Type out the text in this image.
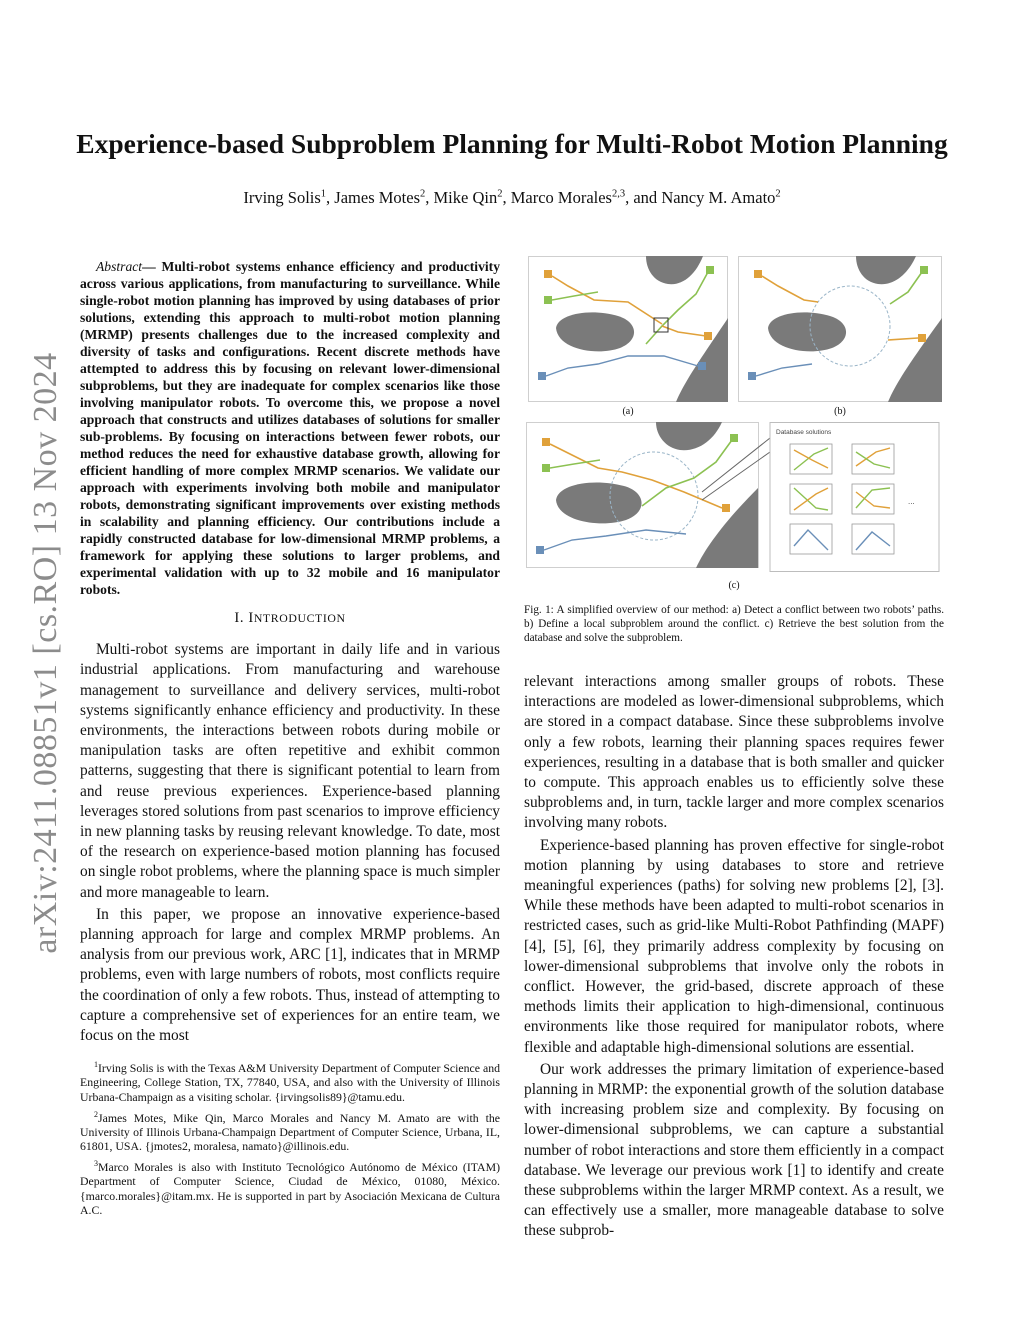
arXiv:2411.08851v1 [cs.RO] 13 Nov 2024
Experience-based Subproblem Planning for Multi-Robot Motion Planning
Irving Solis$^1$, James Motes$^2$, Mike Qin$^2$, Marco Morales$^{2,3}$, and Nancy M. Amato$^2$

Abstract— Multi-robot systems enhance efficiency and productivity across various applications, from manufacturing to surveillance. While single-robot motion planning has improved by using databases of prior solutions, extending this approach to multi-robot motion planning (MRMP) presents challenges due to the increased complexity and diversity of tasks and configurations. Recent discrete methods have attempted to address this by focusing on relevant lower-dimensional subproblems, but they are inadequate for complex scenarios like those involving manipulator robots. To overcome this, we propose a novel approach that constructs and utilizes databases of solutions for smaller sub-problems. By focusing on interactions between fewer robots, our method reduces the need for exhaustive database growth, allowing for efficient handling of more complex MRMP scenarios. We validate our approach with experiments involving both mobile and manipulator robots, demonstrating significant improvements over existing methods in scalability and planning efficiency. Our contributions include a rapidly constructed database for low-dimensional MRMP problems, a framework for applying these solutions to larger problems, and experimental validation with up to 32 mobile and 16 manipulator robots.

I. INTRODUCTION

Multi-robot systems are important in daily life and in various industrial applications. From manufacturing and warehouse management to surveillance and delivery services, multi-robot systems significantly enhance efficiency and productivity. In these environments, the interactions between robots during mobile or manipulation tasks are often repetitive and exhibit common patterns, suggesting that there is significant potential to learn from and reuse previous experiences. Experience-based planning leverages stored solutions from past scenarios to improve efficiency in new planning tasks by reusing relevant knowledge. To date, most of the research on experience-based motion planning has focused on single robot problems, where the planning space is much simpler and more manageable to learn.

In this paper, we propose an innovative experience-based planning approach for large and complex MRMP problems. An analysis from our previous work, ARC [1], indicates that in MRMP problems, even with large numbers of robots, most conflicts require the coordination of only a few robots. Thus, instead of attempting to capture a comprehensive set of experiences for an entire team, we focus on the most

$^1$Irving Solis is with the Texas A&M University Department of Computer Science and Engineering, College Station, TX, 77840, USA, and also with the University of Illinois Urbana-Champaign as a visiting scholar. {irvingsolis89}@tamu.edu.

$^2$James Motes, Mike Qin, Marco Morales and Nancy M. Amato are with the University of Illinois Urbana-Champaign Department of Computer Science, Urbana, IL, 61801, USA. {jmotes2, moralesa, namato}@illinois.edu.

$^3$Marco Morales is also with Instituto Tecnológico Autónomo de México (ITAM) Department of Computer Science, Ciudad de México, 01080, México. {marco.morales}@itam.mx. He is supported in part by Asociación Mexicana de Cultura A.C.

(a)	(b)
Database solutions
...
(c)
Fig. 1: A simplified overview of our method: a) Detect a conflict between two robots’ paths. b) Define a local subproblem around the conflict. c) Retrieve the best solution from the database and solve the subproblem.

relevant interactions among smaller groups of robots. These interactions are modeled as lower-dimensional subproblems, which are stored in a compact database. Since these subproblems involve only a few robots, learning their planning spaces requires fewer experiences, resulting in a database that is both smaller and quicker to compute. This approach enables us to efficiently solve these subproblems and, in turn, tackle larger and more complex scenarios involving many robots.

Experience-based planning has proven effective for single-robot motion planning by using databases to store and retrieve meaningful experiences (paths) for solving new problems [2], [3]. While these methods have been adapted to multi-robot scenarios in restricted cases, such as grid-like Multi-Robot Pathfinding (MAPF) [4], [5], [6], they primarily address complexity by focusing on lower-dimensional subproblems that involve only the robots in conflict. However, the grid-based, discrete approach of these methods limits their application to high-dimensional, continuous environments like those required for manipulator robots, where flexible and adaptable high-dimensional solutions are essential.

Our work addresses the primary limitation of experience-based planning in MRMP: the exponential growth of the solution database with increasing problem size and complexity. By focusing on lower-dimensional subproblems, we can capture a substantial number of robot interactions and store them efficiently in a compact database. We leverage our previous work [1] to identify and create these subproblems within the larger MRMP context. As a result, we can effectively use a smaller, more manageable database to solve these subprob-
